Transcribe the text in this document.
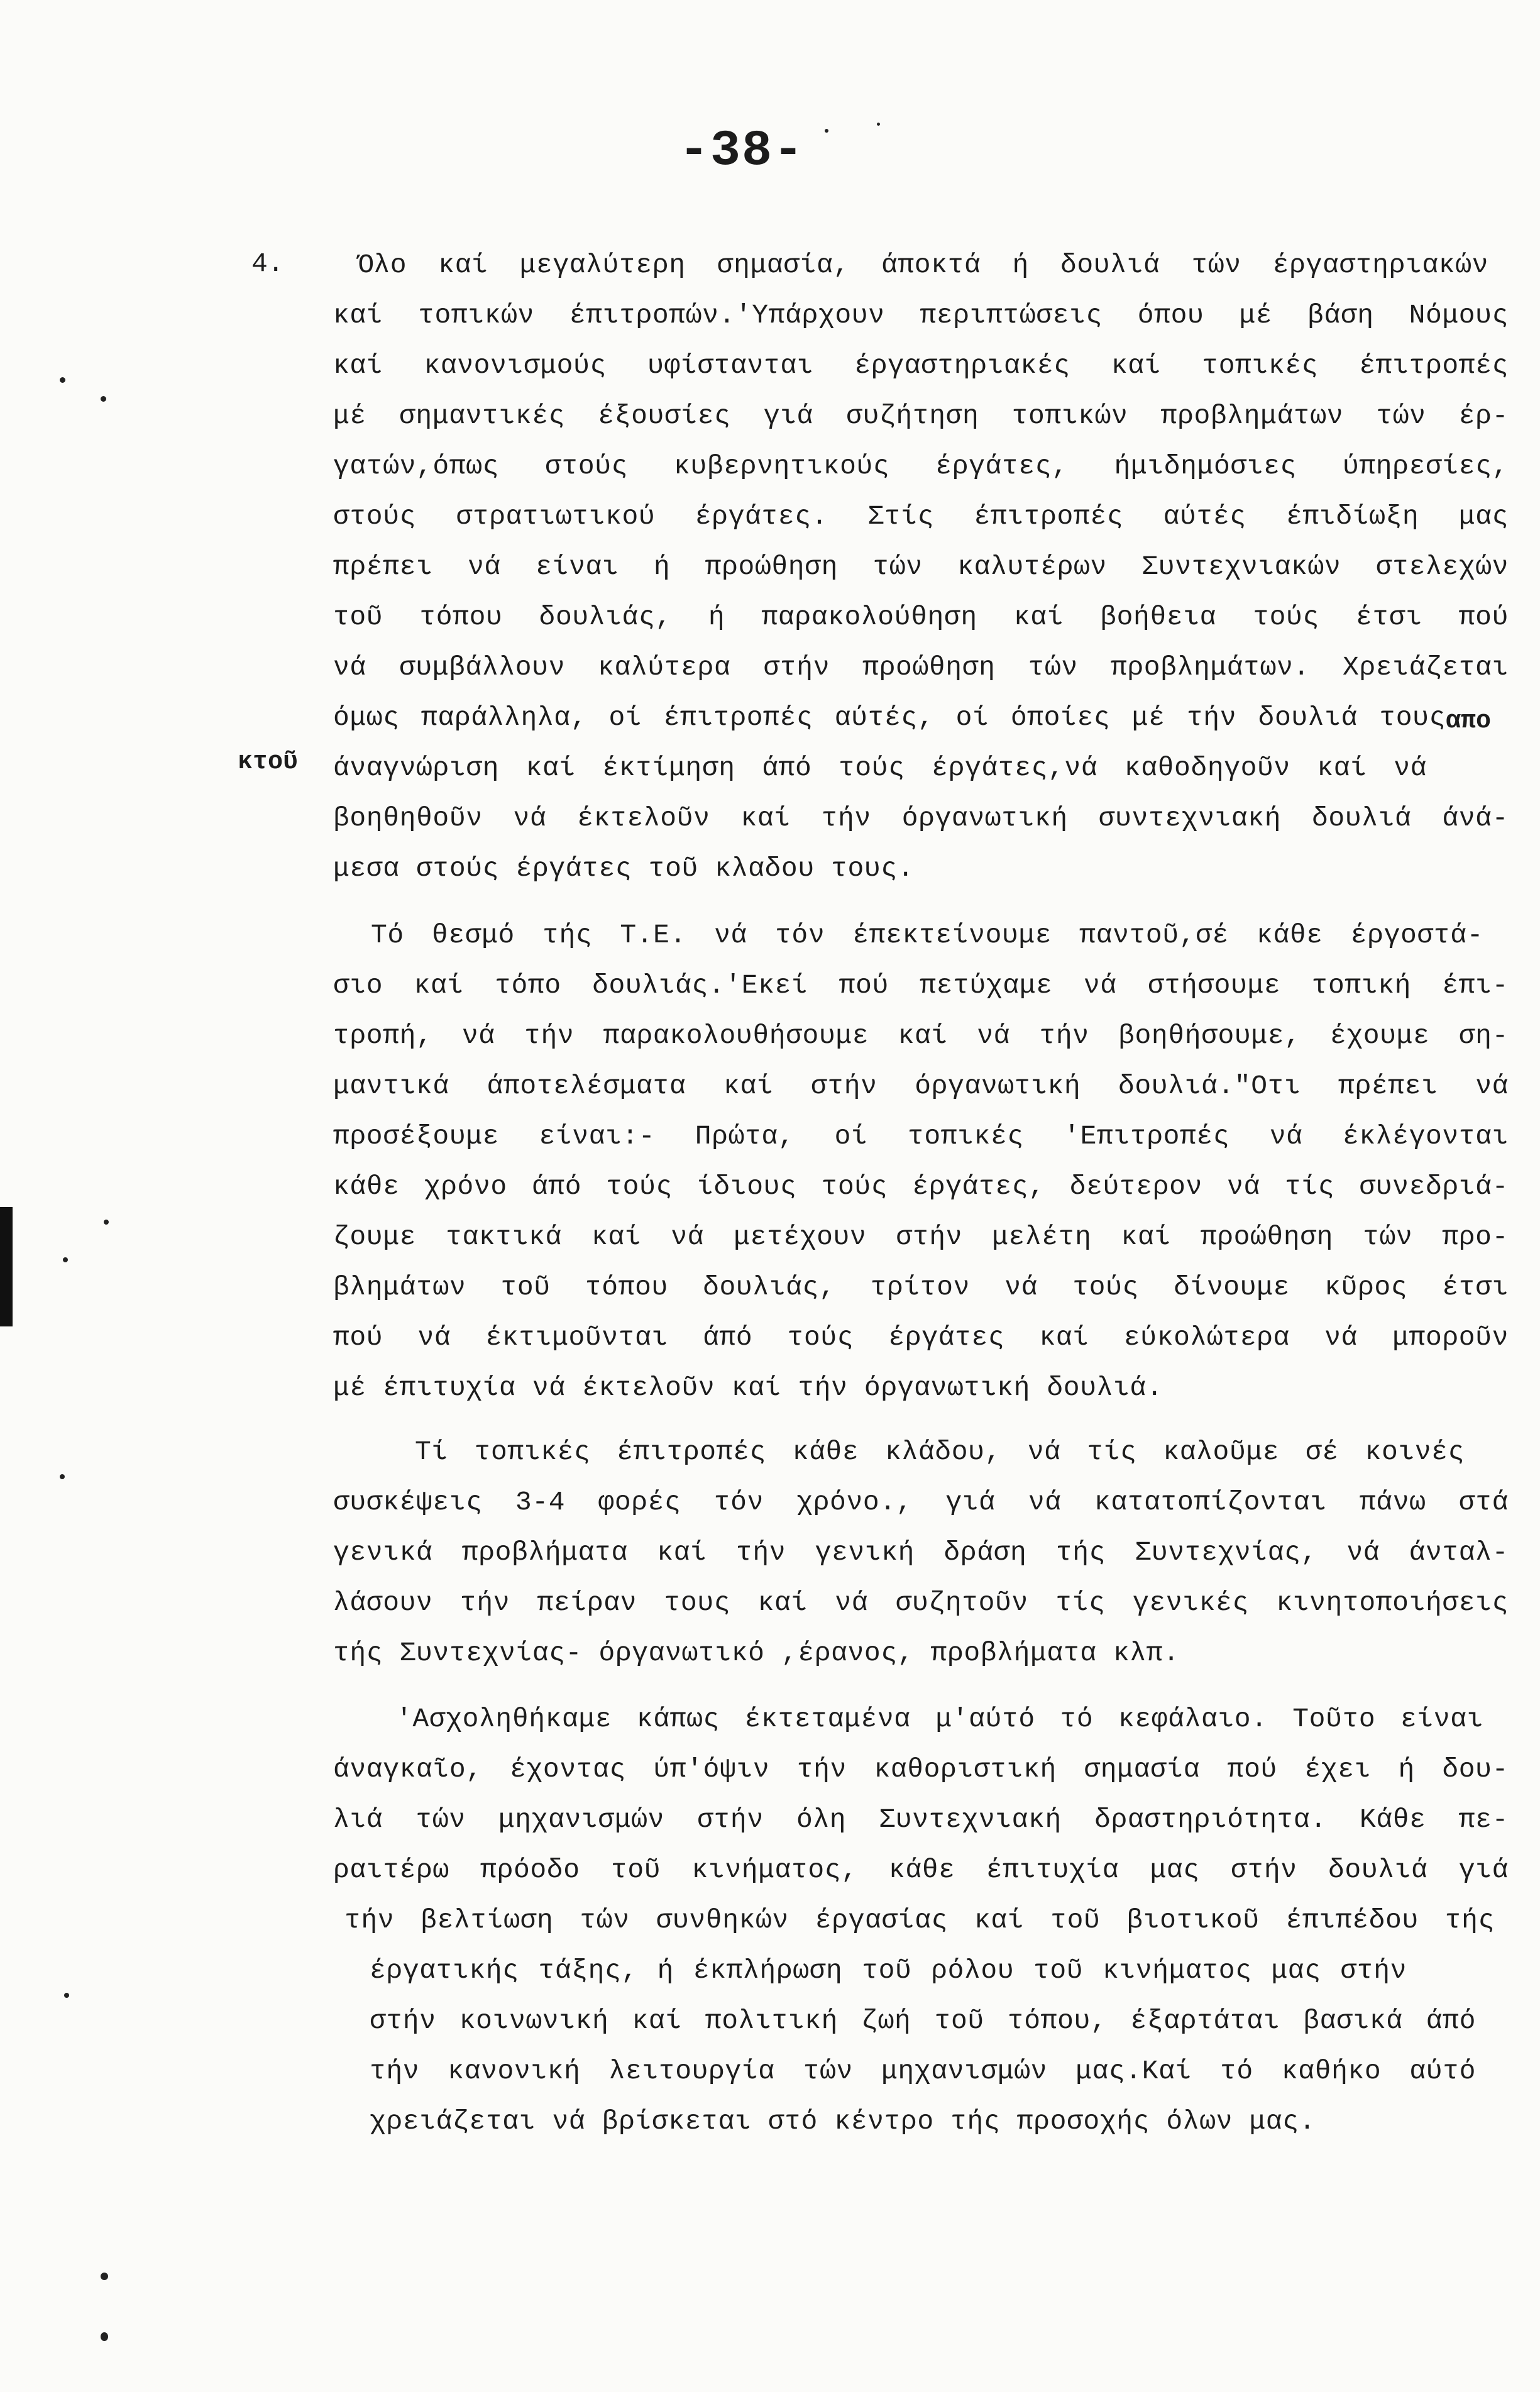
-38-
4.
κτοῦ
απο
Όλο καί μεγαλύτερη σημασία, άποκτά ή δουλιά τών έργαστηριακών
καί τοπικών έπιτροπών.'Υπάρχουν περιπτώσεις όπου μέ βάση Νόμους
καί κανονισμούς υφίστανται έργαστηριακές καί τοπικές έπιτροπές
μέ σημαντικές έξουσίες γιά συζήτηση τοπικών προβλημάτων τών έρ-
γατών,όπως στούς κυβερνητικούς έργάτες, ήμιδημόσιες ύπηρεσίες,
στούς στρατιωτικού έργάτες. Στίς έπιτροπές αύτές έπιδίωξη μας
πρέπει νά είναι ή προώθηση τών καλυτέρων Συντεχνιακών στελεχών
τοῦ τόπου δουλιάς, ή παρακολούθηση καί βοήθεια τούς έτσι πού
νά συμβάλλουν καλύτερα στήν προώθηση τών προβλημάτων. Χρειάζεται
όμως παράλληλα, οί έπιτροπές αύτές, οί όποίες μέ τήν δουλιά τους
άναγνώριση καί έκτίμηση άπό τούς έργάτες,νά καθοδηγοῦν καί νά
βοηθηθοῦν νά έκτελοῦν καί τήν όργανωτική συντεχνιακή δουλιά άνά-
μεσα στούς έργάτες τοῦ κλαδου τους.
Τό θεσμό τής Τ.Ε. νά τόν έπεκτείνουμε παντοῦ,σέ κάθε έργοστά-
σιο καί τόπο δουλιάς.'Εκεί πού πετύχαμε νά στήσουμε τοπική έπι-
τροπή, νά τήν παρακολουθήσουμε καί νά τήν βοηθήσουμε, έχουμε ση-
μαντικά άποτελέσματα καί στήν όργανωτική δουλιά."Οτι πρέπει νά
προσέξουμε είναι:- Πρώτα, οί τοπικές 'Επιτροπές νά έκλέγονται
κάθε χρόνο άπό τούς ίδιους τούς έργάτες, δεύτερον νά τίς συνεδριά-
ζουμε τακτικά καί νά μετέχουν στήν μελέτη καί προώθηση τών προ-
βλημάτων τοῦ τόπου δουλιάς, τρίτον νά τούς δίνουμε κῦρος έτσι
πού νά έκτιμοῦνται άπό τούς έργάτες καί εύκολώτερα νά μποροῦν
μέ έπιτυχία νά έκτελοῦν καί τήν όργανωτική δουλιά.
Τί τοπικές έπιτροπές κάθε κλάδου, νά τίς καλοῦμε σέ κοινές
συσκέψεις 3-4 φορές τόν χρόνο., γιά νά κατατοπίζονται πάνω στά
γενικά προβλήματα καί τήν γενική δράση τής Συντεχνίας, νά άνταλ-
λάσουν τήν πείραν τους καί νά συζητοῦν τίς γενικές κινητοποιήσεις
τής Συντεχνίας- όργανωτικό ,έρανος, προβλήματα κλπ.
'Ασχοληθήκαμε κάπως έκτεταμένα μ'αύτό τό κεφάλαιο. Τοῦτο είναι
άναγκαῖο, έχοντας ύπ'όψιν τήν καθοριστική σημασία πού έχει ή δου-
λιά τών μηχανισμών στήν όλη Συντεχνιακή δραστηριότητα. Κάθε πε-
ραιτέρω πρόοδο τοῦ κινήματος, κάθε έπιτυχία μας στήν δουλιά γιά
τήν βελτίωση τών συνθηκών έργασίας καί τοῦ βιοτικοῦ έπιπέδου τής
έργατικής τάξης, ή έκπλήρωση τοῦ ρόλου τοῦ κινήματος μας στήν
στήν κοινωνική καί πολιτική ζωή τοῦ τόπου, έξαρτάται βασικά άπό
τήν κανονική λειτουργία τών μηχανισμών μας.Καί τό καθήκο αύτό
χρειάζεται νά βρίσκεται στό κέντρο τής προσοχής όλων μας.
